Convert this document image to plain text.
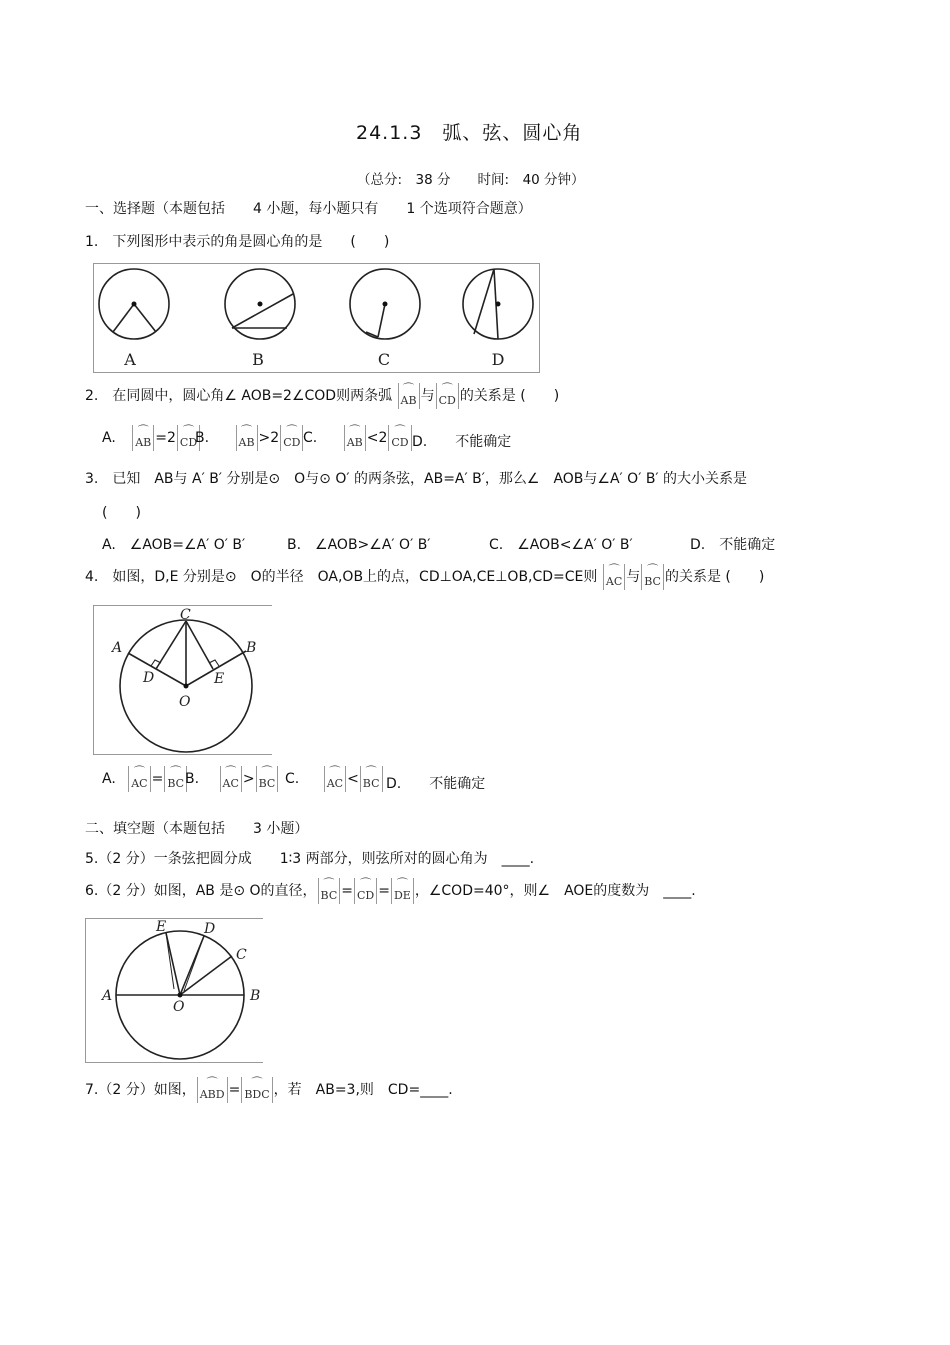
24.1.3　弧、弦、圆心角
（总分:　38 分　　时间:　40 分钟）
一、选择题（本题包括　　4 小题，每小题只有　　1 个选项符合题意）
1.　下列图形中表示的角是圆心角的是　　(　　)
A	B	C	D
2.　在同圆中，圆心角∠ AOB=2∠COD则两条弧 ⌒
AB 与 ⌒
CD 的关系是 (　　)
A. ⌒
AB =2 ⌒
CD
B.	⌒
AB >2 ⌒
CD C.	⌒
AB <2 ⌒
CD D. 不能确定
3.　已知　AB与 A′ B′ 分别是⊙　O与⊙ O′ 的两条弦，AB=A′ B′，那么∠　AOB与∠A′ O′ B′ 的大小关系是
(　　)
A.　∠AOB=∠A′ O′ B′	B.　∠AOB>∠A′ O′ B′	C.　∠AOB<∠A′ O′ B′	D.　不能确定
4.　如图，D,E 分别是⊙　O的半径　OA,OB上的点，CD⊥OA,CE⊥OB,CD=CE则 ⌒
AC 与 ⌒
BC 的关系是 (　　)
C
A	B
D	E
O
A. ⌒
AC = ⌒
BC B. ⌒
AC > ⌒
BC C.	⌒
AC < ⌒
BC D. 不能确定
二、填空题（本题包括　　3 小题）
5.（2 分）一条弦把圆分成　　1∶3 两部分，则弦所对的圆心角为　____.
6.（2 分）如图，AB 是⊙ O的直径， ⌒
BC = ⌒
CD = ⌒
DE ，∠COD=40°，则∠　AOE的度数为　____.
E	D
C
A
O
B
7.（2 分）如图， ⌒
ABD =	⌒
BDC ，若　AB=3,则　CD=____.
